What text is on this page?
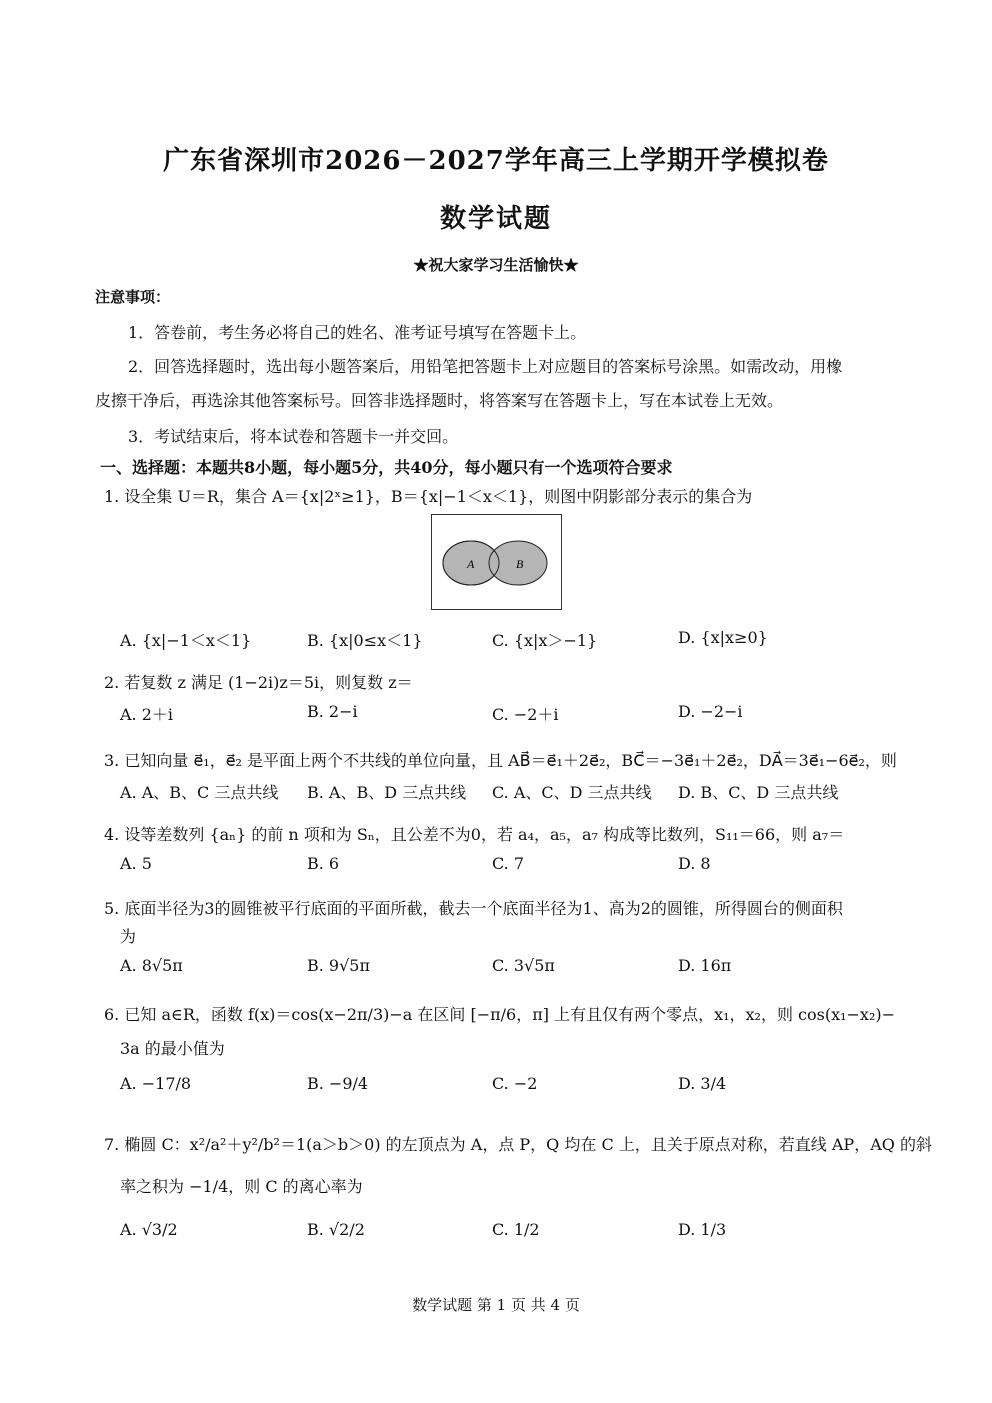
广东省深圳市2026－2027学年高三上学期开学模拟卷
数学试题
★祝大家学习生活愉快★
注意事项：
1．答卷前，考生务必将自己的姓名、准考证号填写在答题卡上。
2．回答选择题时，选出每小题答案后，用铅笔把答题卡上对应题目的答案标号涂黑。如需改动，用橡
皮擦干净后，再选涂其他答案标号。回答非选择题时，将答案写在答题卡上，写在本试卷上无效。
3．考试结束后，将本试卷和答题卡一并交回。
一、选择题：本题共8小题，每小题5分，共40分，每小题只有一个选项符合要求
1. 设全集 U＝R，集合 A＝{x|2ˣ≥1}，B＝{x|−1＜x＜1}，则图中阴影部分表示的集合为
A	B
A. {x|−1＜x＜1}	B. {x|0≤x＜1}	C. {x|x＞−1}	D. {x|x≥0}
2. 若复数 z 满足 (1−2i)z＝5i，则复数 z＝
A. 2＋i	B. 2−i	C. −2＋i	D. −2−i
3. 已知向量 e⃗₁，e⃗₂ 是平面上两个不共线的单位向量，且 AB⃗＝e⃗₁＋2e⃗₂，BC⃗＝−3e⃗₁＋2e⃗₂，DA⃗＝3e⃗₁−6e⃗₂，则
A. A、B、C 三点共线 B. A、B、D 三点共线 C. A、C、D 三点共线 D. B、C、D 三点共线
4. 设等差数列 {aₙ} 的前 n 项和为 Sₙ，且公差不为0，若 a₄，a₅，a₇ 构成等比数列，S₁₁＝66，则 a₇＝
A. 5	B. 6	C. 7	D. 8
5. 底面半径为3的圆锥被平行底面的平面所截，截去一个底面半径为1、高为2的圆锥，所得圆台的侧面积
为
A. 8√5π	B. 9√5π	C. 3√5π	D. 16π
6. 已知 a∈R，函数 f(x)＝cos(x−2π/3)−a 在区间 [−π/6，π] 上有且仅有两个零点，x₁，x₂，则 cos(x₁−x₂)−
3a 的最小值为
A. −17/8	B. −9/4	C. −2	D. 3/4
7. 椭圆 C：x²/a²＋y²/b²＝1(a＞b＞0) 的左顶点为 A，点 P，Q 均在 C 上，且关于原点对称，若直线 AP，AQ 的斜
率之积为 −1/4，则 C 的离心率为
A. √3/2	B. √2/2	C. 1/2	D. 1/3
数学试题 第 1 页 共 4 页
